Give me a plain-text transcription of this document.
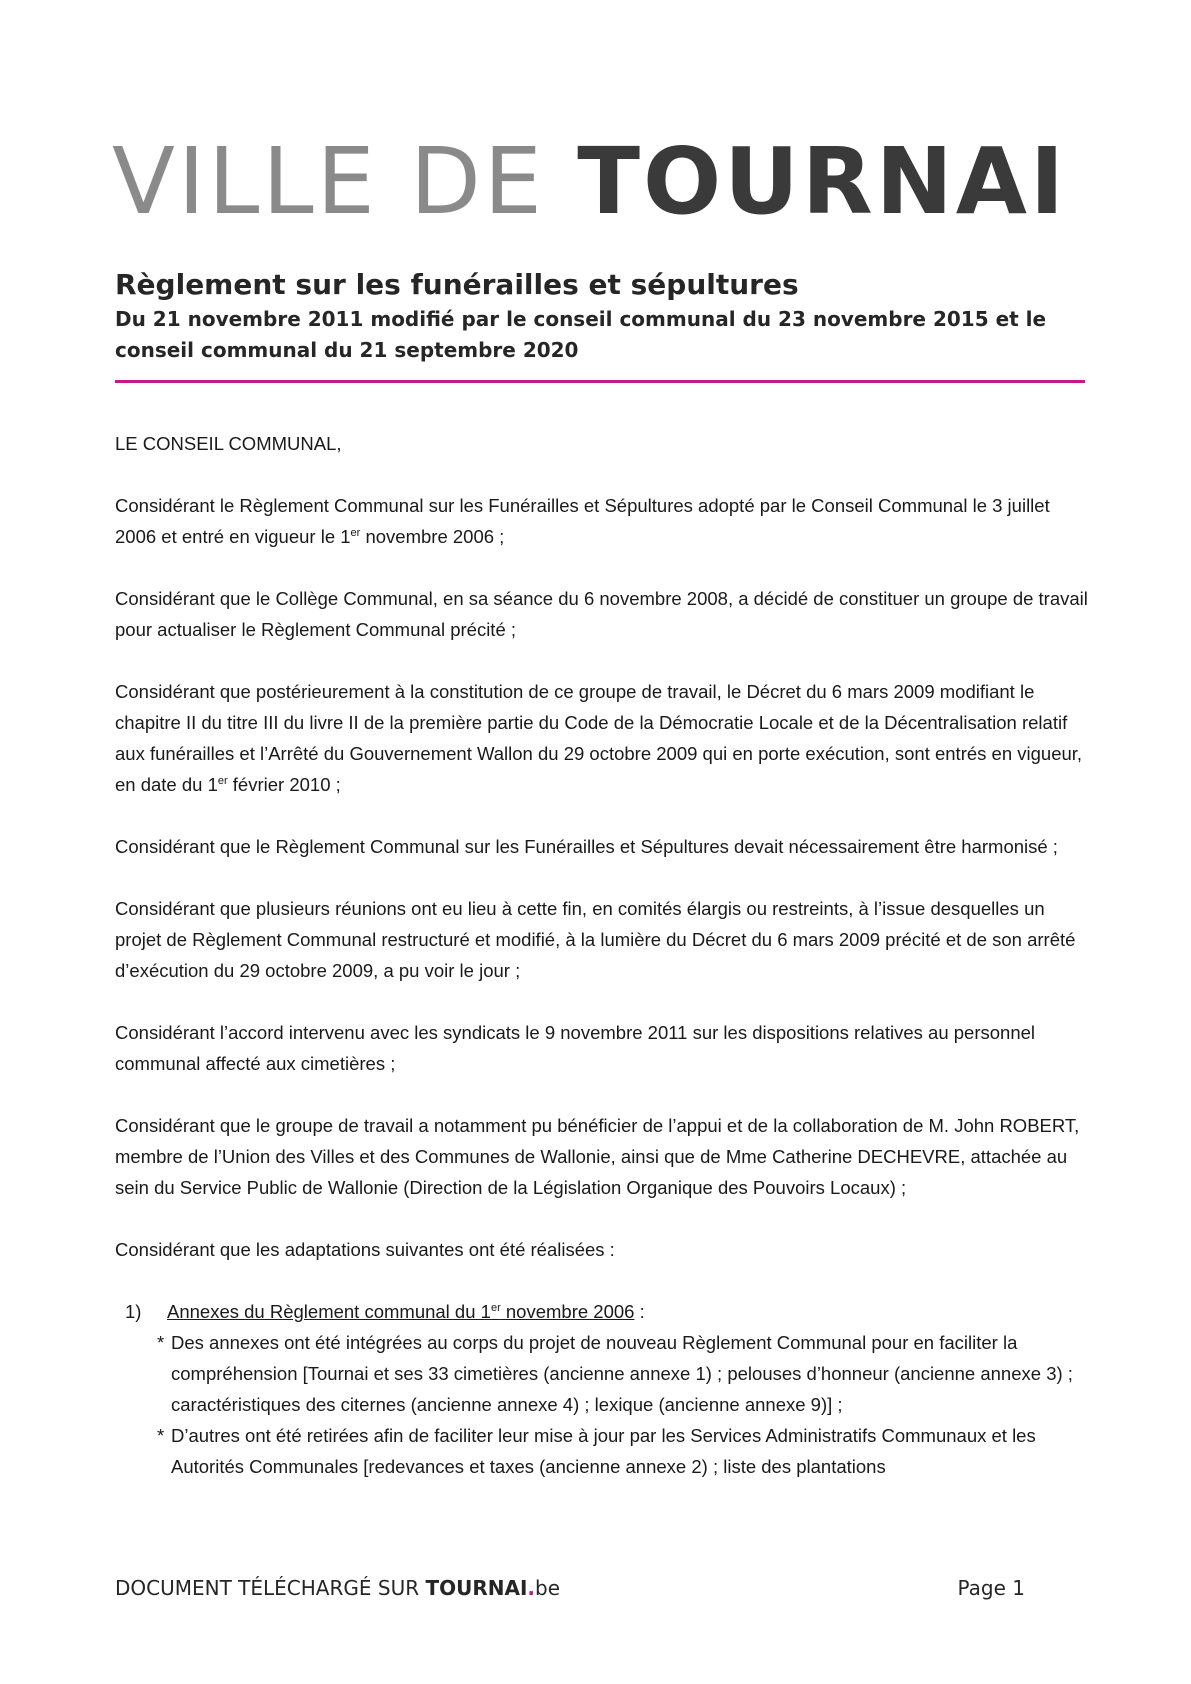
VILLE DE TOURNAI
Règlement sur les funérailles et sépultures

Du 21 novembre 2011 modifié par le conseil communal du 23 novembre 2015 et le conseil communal du 21 septembre 2020

LE CONSEIL COMMUNAL,

Considérant le Règlement Communal sur les Funérailles et Sépultures adopté par le Conseil Communal le 3 juillet 2006 et entré en vigueur le 1er novembre 2006 ;

Considérant que le Collège Communal, en sa séance du 6 novembre 2008, a décidé de constituer un groupe de travail pour actualiser le Règlement Communal précité ;

Considérant que postérieurement à la constitution de ce groupe de travail, le Décret du 6 mars 2009 modifiant le chapitre II du titre III du livre II de la première partie du Code de la Démocratie Locale et de la Décentralisation relatif aux funérailles et l’Arrêté du Gouvernement Wallon du 29 octobre 2009 qui en porte exécution, sont entrés en vigueur, en date du 1er février 2010 ;

Considérant que le Règlement Communal sur les Funérailles et Sépultures devait nécessairement être harmonisé ;

Considérant que plusieurs réunions ont eu lieu à cette fin, en comités élargis ou restreints, à l’issue desquelles un projet de Règlement Communal restructuré et modifié, à la lumière du Décret du 6 mars 2009 précité et de son arrêté d’exécution du 29 octobre 2009, a pu voir le jour ;

Considérant l’accord intervenu avec les syndicats le 9 novembre 2011 sur les dispositions relatives au personnel communal affecté aux cimetières ;

Considérant que le groupe de travail a notamment pu bénéficier de l’appui et de la collaboration de M. John ROBERT, membre de l’Union des Villes et des Communes de Wallonie, ainsi que de Mme Catherine DECHEVRE, attachée au sein du Service Public de Wallonie (Direction de la Législation Organique des Pouvoirs Locaux) ;

Considérant que les adaptations suivantes ont été réalisées :

1)	Annexes du Règlement communal du 1er novembre 2006 :
* Des annexes ont été intégrées au corps du projet de nouveau Règlement Communal pour en faciliter la compréhension [Tournai et ses 33 cimetières (ancienne annexe 1) ; pelouses d’honneur (ancienne annexe 3) ; caractéristiques des citernes (ancienne annexe 4) ; lexique (ancienne annexe 9)] ;
* D’autres ont été retirées afin de faciliter leur mise à jour par les Services Administratifs Communaux et les Autorités Communales [redevances et taxes (ancienne annexe 2) ; liste des plantations
DOCUMENT TÉLÉCHARGÉ SUR TOURNAI.be	Page 1
